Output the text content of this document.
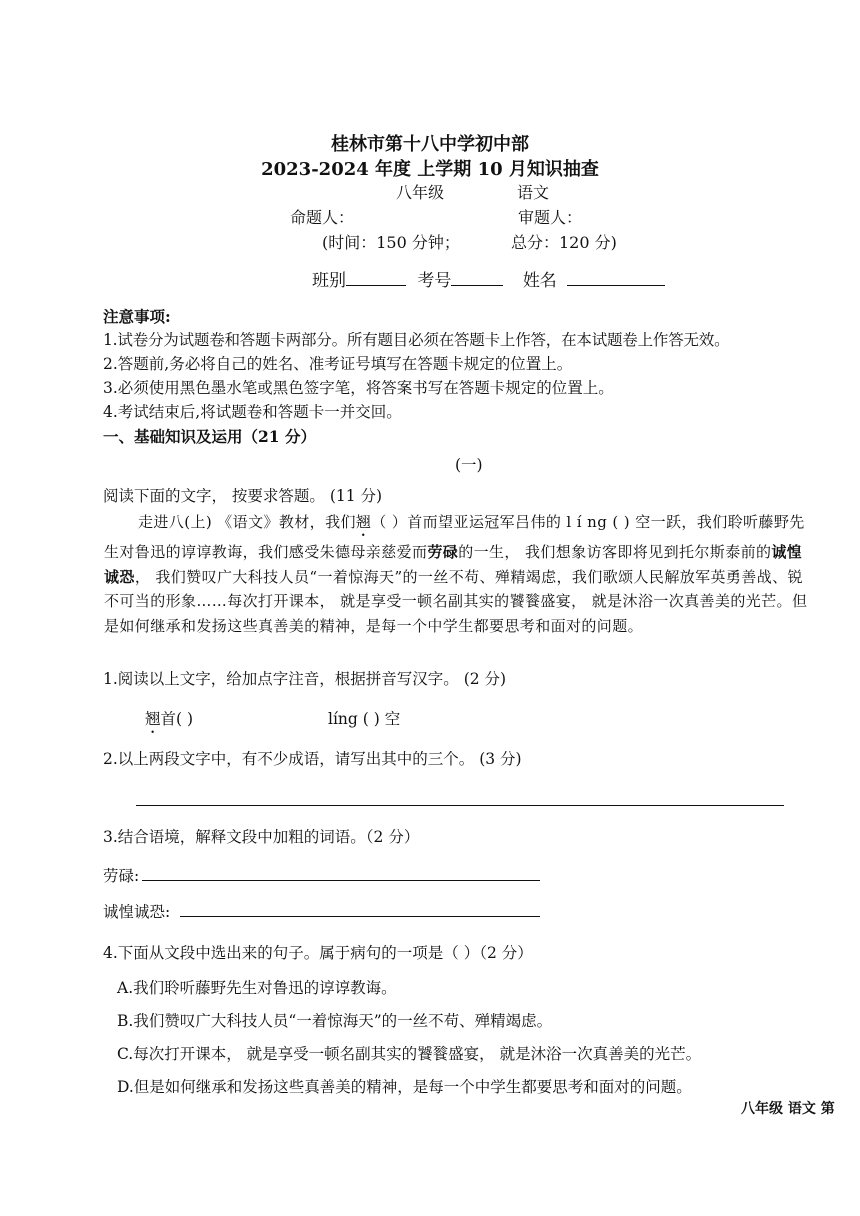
桂林市第十八中学初中部
2023-2024 年度 上学期 10 月知识抽查
八年级	语文
命题人：	审题人：
(时间：150 分钟；	总分：120 分)
班别	考号	姓名
注意事项:
1.试卷分为试题卷和答题卡两部分。所有题目必须在答题卡上作答，在本试题卷上作答无效。
2.答题前,务必将自己的姓名、准考证号填写在答题卡规定的位置上。
3.必须使用黑色墨水笔或黑色签字笔，将答案书写在答题卡规定的位置上。
4.考试结束后,将试题卷和答题卡一并交回。
一、基础知识及运用（21 分）
(一)
阅读下面的文字， 按要求答题。 (11 分)
走进八(上) 《语文》教材，我们翘（ ）首而望亚运冠军吕伟的 l í ng ( ) 空一跃，我们聆听藤野先生对鲁迅的谆谆教诲，我们感受朱德母亲慈爱而劳碌的一生， 我们想象访客即将见到托尔斯泰前的诚惶诚恐， 我们赞叹广大科技人员“一着惊海天”的一丝不苟、殚精竭虑，我们歌颂人民解放军英勇善战、锐不可当的形象……每次打开课本， 就是享受一顿名副其实的饕餮盛宴， 就是沐浴一次真善美的光芒。但是如何继承和发扬这些真善美的精神，是每一个中学生都要思考和面对的问题。
1.阅读以上文字，给加点字注音，根据拼音写汉字。 (2 分)
翘首( )	líng ( ) 空
2.以上两段文字中，有不少成语，请写出其中的三个。 (3 分)
3.结合语境，解释文段中加粗的词语。（2 分）
劳碌:
诚惶诚恐:
4.下面从文段中选出来的句子。属于病句的一项是（ ）（2 分）
A.我们聆听藤野先生对鲁迅的谆谆教诲。
B.我们赞叹广大科技人员“一着惊海天”的一丝不苟、殚精竭虑。
C.每次打开课本， 就是享受一顿名副其实的饕餮盛宴， 就是沐浴一次真善美的光芒。
D.但是如何继承和发扬这些真善美的精神，是每一个中学生都要思考和面对的问题。
八年级 语文 第
